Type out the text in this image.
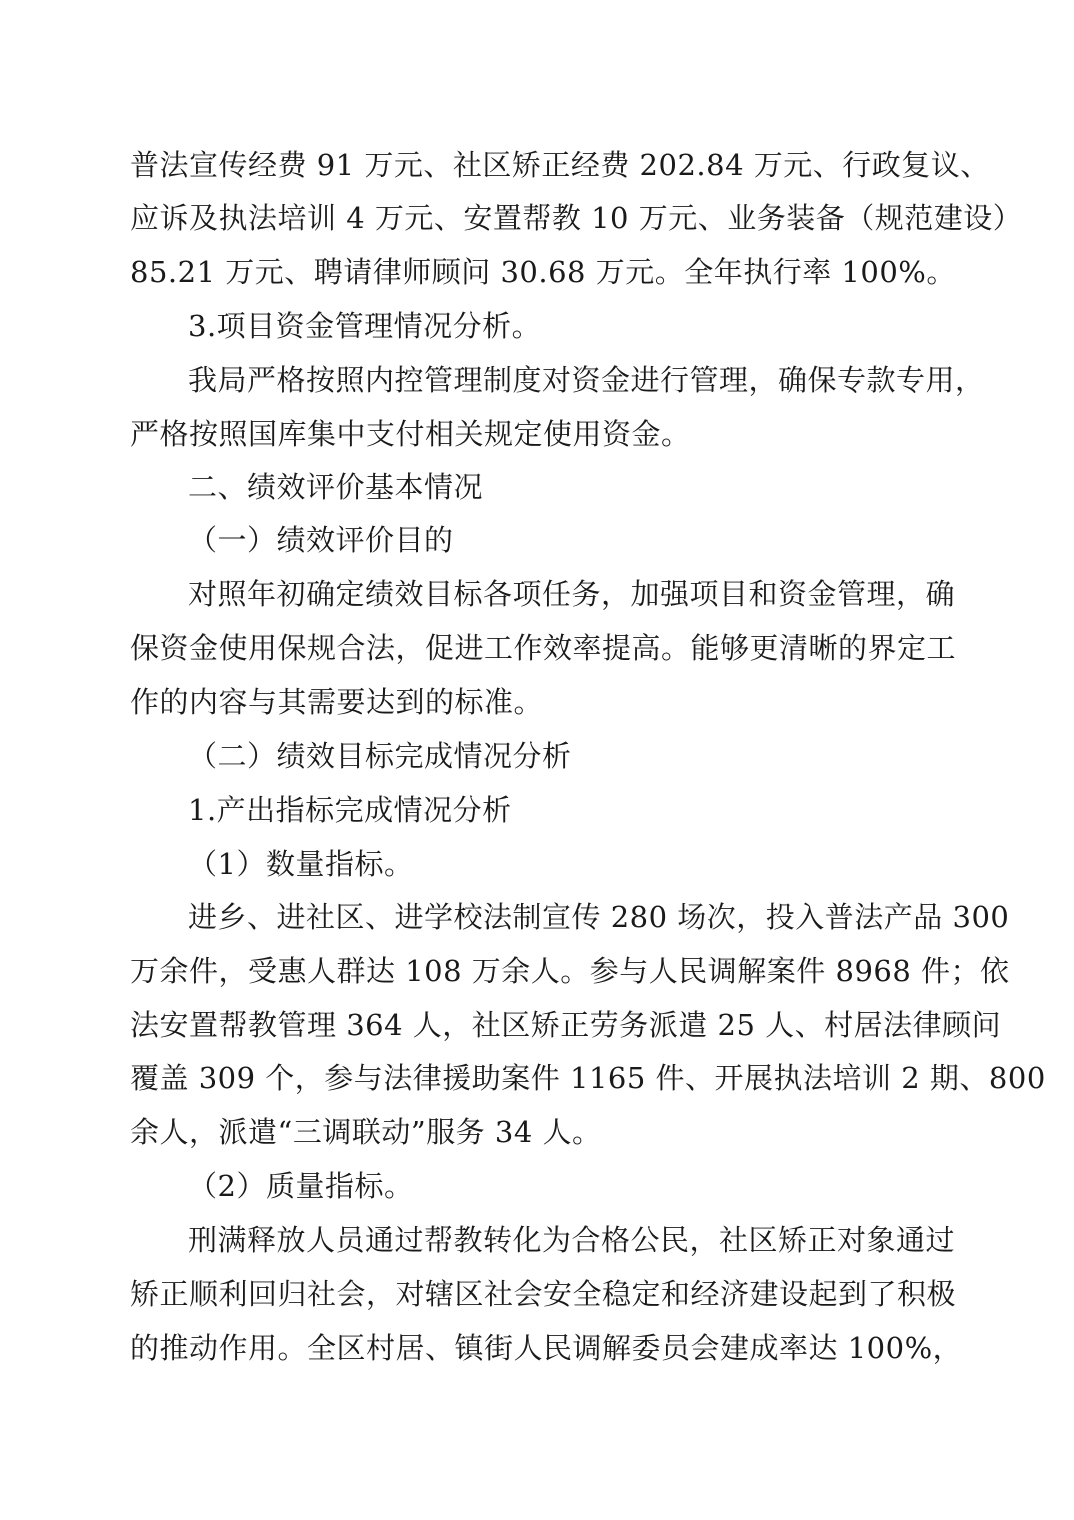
普法宣传经费 91 万元、社区矫正经费 202.84 万元、行政复议、
应诉及执法培训 4 万元、安置帮教 10 万元、业务装备（规范建设）
85.21 万元、聘请律师顾问 30.68 万元。全年执行率 100%。
3.项目资金管理情况分析。
我局严格按照内控管理制度对资金进行管理，确保专款专用，
严格按照国库集中支付相关规定使用资金。
二、绩效评价基本情况
（一）绩效评价目的
对照年初确定绩效目标各项任务，加强项目和资金管理，确
保资金使用保规合法，促进工作效率提高。能够更清晰的界定工
作的内容与其需要达到的标准。
（二）绩效目标完成情况分析
1.产出指标完成情况分析
（1）数量指标。
进乡、进社区、进学校法制宣传 280 场次，投入普法产品 300
万余件，受惠人群达 108 万余人。参与人民调解案件 8968 件；依
法安置帮教管理 364 人，社区矫正劳务派遣 25 人、村居法律顾问
覆盖 309 个，参与法律援助案件 1165 件、开展执法培训 2 期、800
余人，派遣“三调联动”服务 34 人。
（2）质量指标。
刑满释放人员通过帮教转化为合格公民，社区矫正对象通过
矫正顺利回归社会，对辖区社会安全稳定和经济建设起到了积极
的推动作用。全区村居、镇街人民调解委员会建成率达 100%，
